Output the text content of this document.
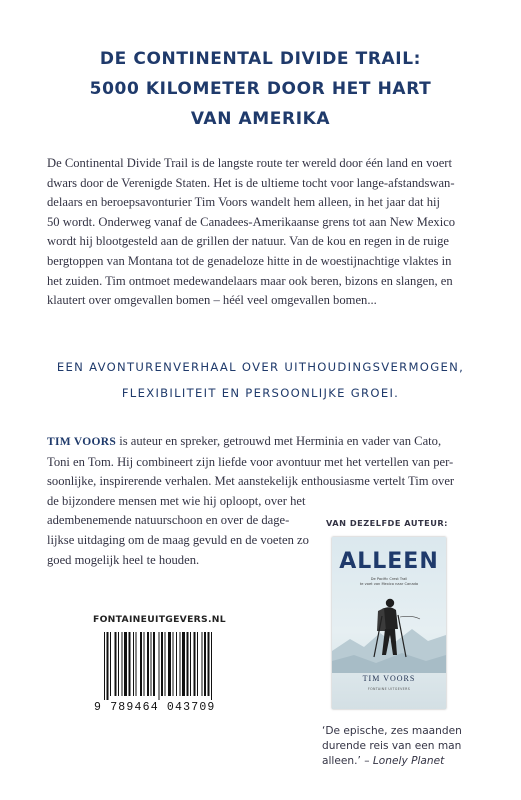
DE CONTINENTAL DIVIDE TRAIL:
5000 KILOMETER DOOR HET HART
VAN AMERIKA
De Continental Divide Trail is de langste route ter wereld door één land en voert
dwars door de Verenigde Staten. Het is de ultieme tocht voor lange-afstandswan-
delaars en beroepsavonturier Tim Voors wandelt hem alleen, in het jaar dat hij
50 wordt. Onderweg vanaf de Canadees-Amerikaanse grens tot aan New Mexico
wordt hij blootgesteld aan de grillen der natuur. Van de kou en regen in de ruige
bergtoppen van Montana tot de genadeloze hitte in de woestijnachtige vlaktes in
het zuiden. Tim ontmoet medewandelaars maar ook beren, bizons en slangen, en
klautert over omgevallen bomen – héél veel omgevallen bomen...
EEN AVONTURENVERHAAL OVER UITHOUDINGSVERMOGEN,
FLEXIBILITEIT EN PERSOONLIJKE GROEI.
TIM VOORS is auteur en spreker, getrouwd met Herminia en vader van Cato,
Toni en Tom. Hij combineert zijn liefde voor avontuur met het vertellen van per-
soonlijke, inspirerende verhalen. Met aanstekelijk enthousiasme vertelt Tim over
de bijzondere mensen met wie hij oploopt, over het
adembenemende natuurschoon en over de dage-
lijkse uitdaging om de maag gevuld en de voeten zo
goed mogelijk heel te houden.
VAN DEZELFDE AUTEUR:
ALLEEN
De Pacific Crest Trail
te voet van Mexico naar Canada
TIM VOORS
FONTAINE UITGEVERS
‘De epische, zes maanden
durende reis van een man
alleen.’ – Lonely Planet
FONTAINEUITGEVERS.NL
9 789464 043709
